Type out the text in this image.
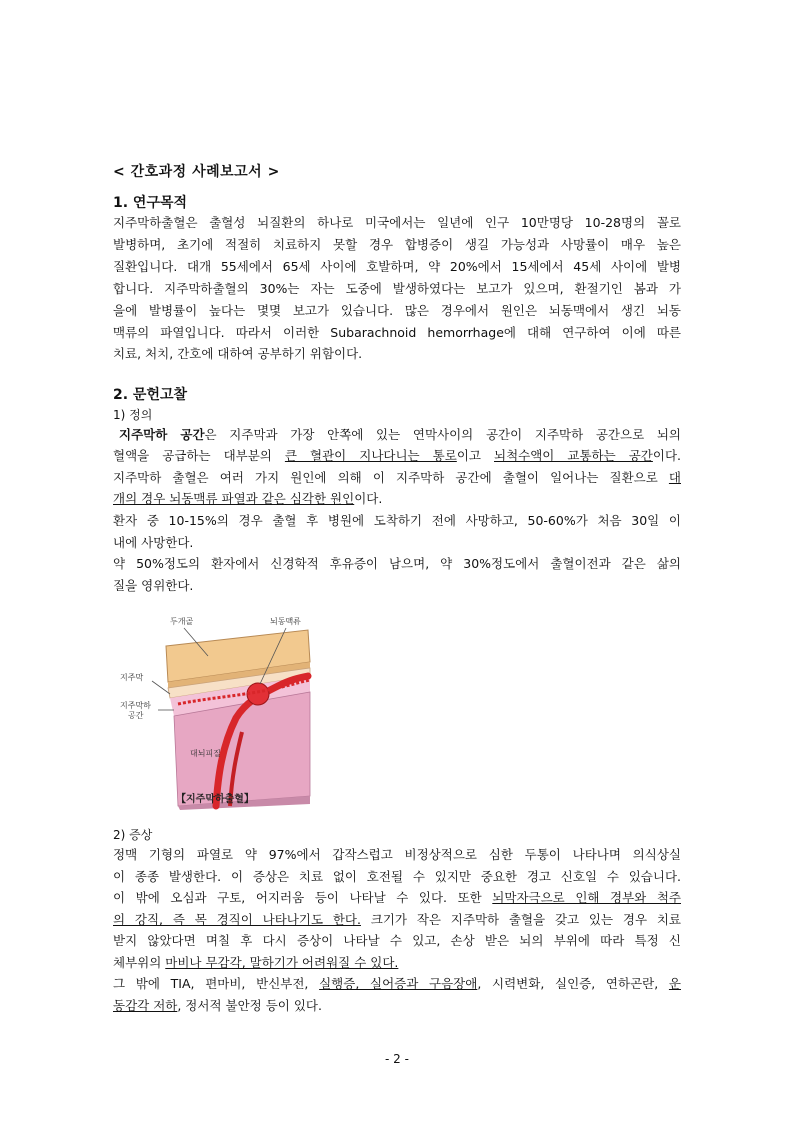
< 간호과정 사례보고서 >
1. 연구목적
지주막하출혈은 출혈성 뇌질환의 하나로 미국에서는 일년에 인구 10만명당 10-28명의 꼴로
발병하며, 초기에 적절히 치료하지 못할 경우 합병증이 생길 가능성과 사망률이 매우 높은
질환입니다. 대개 55세에서 65세 사이에 호발하며, 약 20%에서 15세에서 45세 사이에 발병
합니다. 지주막하출혈의 30%는 자는 도중에 발생하였다는 보고가 있으며, 환절기인 봄과 가
을에 발병률이 높다는 몇몇 보고가 있습니다. 많은 경우에서 원인은 뇌동맥에서 생긴 뇌동
맥류의 파열입니다. 따라서 이러한 Subarachnoid hemorrhage에 대해 연구하여 이에 따른
치료, 처치, 간호에 대하여 공부하기 위함이다.
2. 문헌고찰
1) 정의
지주막하 공간은 지주막과 가장 안쪽에 있는 연막사이의 공간이 지주막하 공간으로 뇌의
혈액을 공급하는 대부분의 큰 혈관이 지나다니는 통로이고 뇌척수액이 교통하는 공간이다.
지주막하 출혈은 여러 가지 원인에 의해 이 지주막하 공간에 출혈이 일어나는 질환으로 대
개의 경우 뇌동맥류 파열과 같은 심각한 원인이다.
환자 중 10-15%의 경우 출혈 후 병원에 도착하기 전에 사망하고, 50-60%가 처음 30일 이
내에 사망한다.
약 50%정도의 환자에서 신경학적 후유증이 남으며, 약 30%정도에서 출혈이전과 같은 삶의
질을 영위한다.
두개골	뇌동맥류
지주막
지주막하
공간
대뇌피질
【지주막하출혈】
2) 증상
정맥 기형의 파열로 약 97%에서 갑작스럽고 비정상적으로 심한 두통이 나타나며 의식상실
이 종종 발생한다. 이 증상은 치료 없이 호전될 수 있지만 중요한 경고 신호일 수 있습니다.
이 밖에 오심과 구토, 어지러움 등이 나타날 수 있다. 또한 뇌막자극으로 인해 경부와 척주
의 강직, 즉 목 경직이 나타나기도 한다. 크기가 작은 지주막하 출혈을 갖고 있는 경우 치료
받지 않았다면 며칠 후 다시 증상이 나타날 수 있고, 손상 받은 뇌의 부위에 따라 특정 신
체부위의 마비나 무감각, 말하기가 어려워질 수 있다.
그 밖에 TIA, 편마비, 반신부전, 실행증, 실어증과 구음장애, 시력변화, 실인증, 연하곤란, 운
동감각 저하, 정서적 불안정 등이 있다.
- 2 -
